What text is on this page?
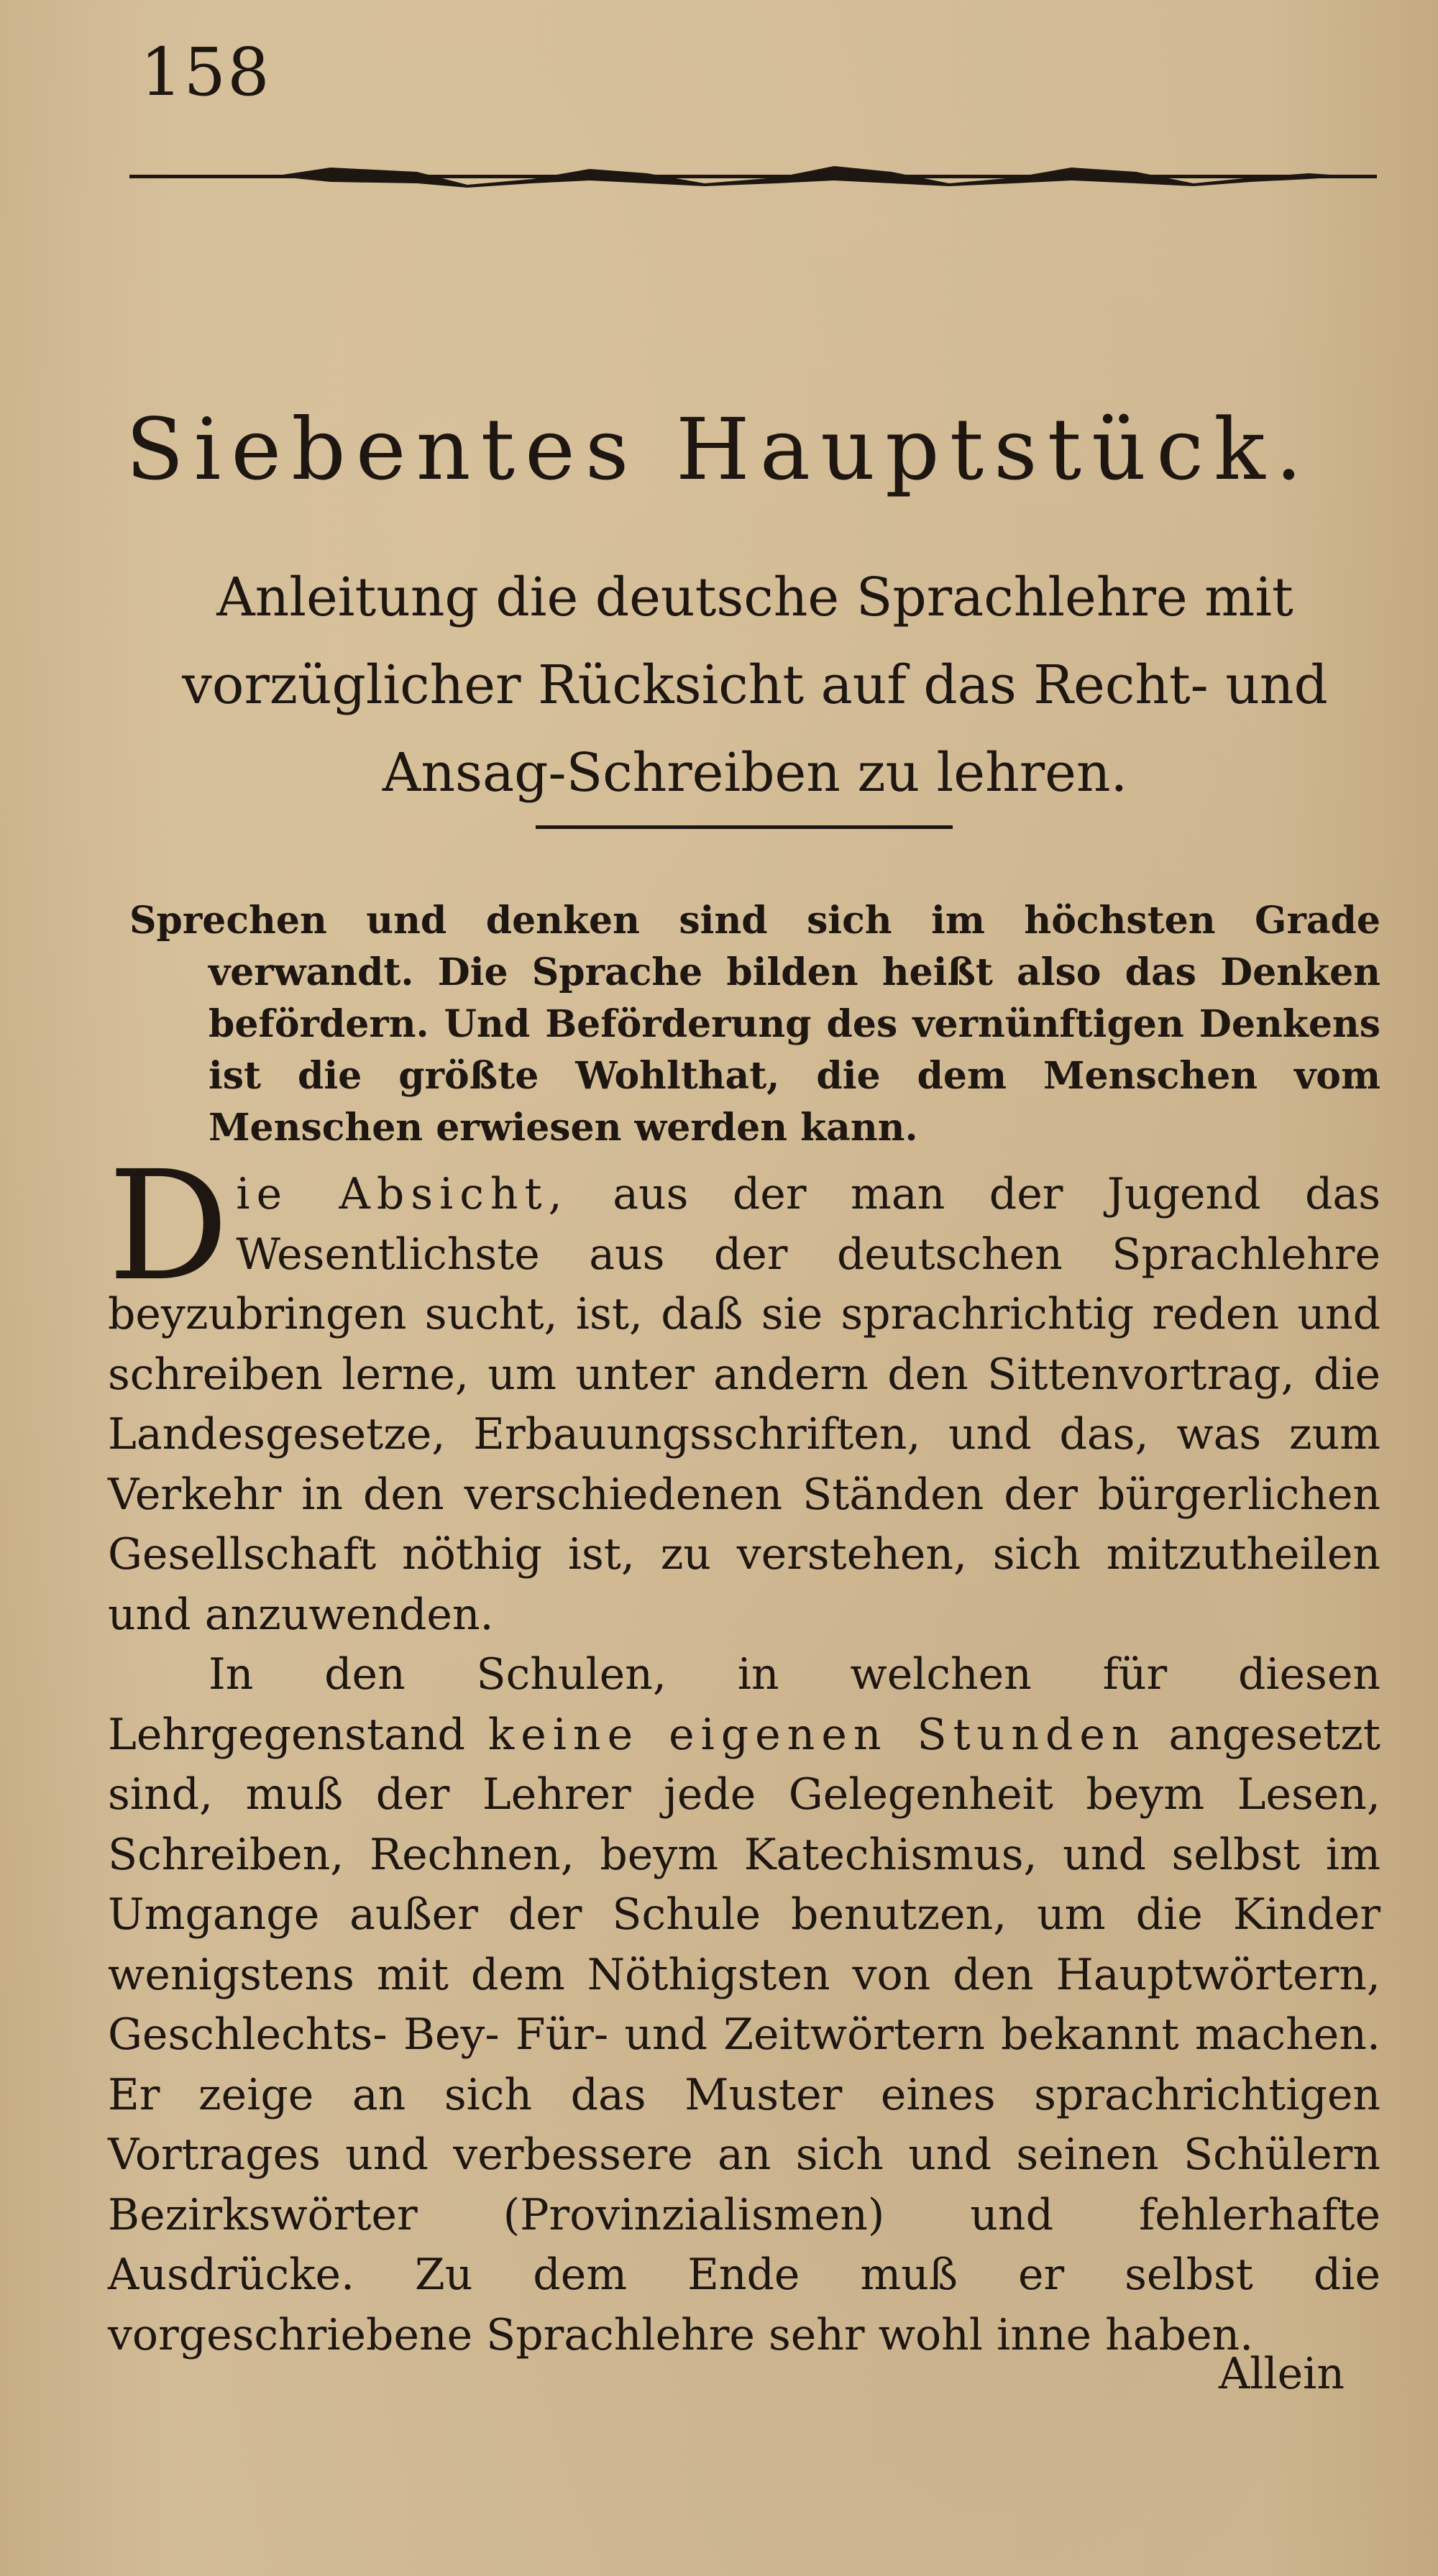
158
Siebentes Hauptstück.
Anleitung die deutsche Sprachlehre mit vorzüglicher Rücksicht auf das Recht- und Ansag-Schreiben zu lehren.
Sprechen und denken sind sich im höchsten Grade verwandt. Die Sprache bilden heißt also das Denken befördern. Und Beförderung des vernünftigen Denkens ist die größte Wohlthat, die dem Menschen vom Menschen erwiesen werden kann.

Die Absicht, aus der man der Jugend das Wesentlichste aus der deutschen Sprachlehre beyzubringen sucht, ist, daß sie sprachrichtig reden und schreiben lerne, um unter andern den Sittenvortrag, die Landesgesetze, Erbauungsschriften, und das, was zum Verkehr in den verschiedenen Ständen der bürgerlichen Gesellschaft nöthig ist, zu verstehen, sich mitzutheilen und anzuwenden.

In den Schulen, in welchen für diesen Lehrgegenstand keine eigenen Stunden angesetzt sind, muß der Lehrer jede Gelegenheit beym Lesen, Schreiben, Rechnen, beym Katechismus, und selbst im Umgange außer der Schule benutzen, um die Kinder wenigstens mit dem Nöthigsten von den Hauptwörtern, Geschlechts- Bey- Für- und Zeitwörtern bekannt machen. Er zeige an sich das Muster eines sprachrichtigen Vortrages und verbessere an sich und seinen Schülern Bezirkswörter (Provinzialismen) und fehlerhafte Ausdrücke. Zu dem Ende muß er selbst die vorgeschriebene Sprachlehre sehr wohl inne haben.

Allein
